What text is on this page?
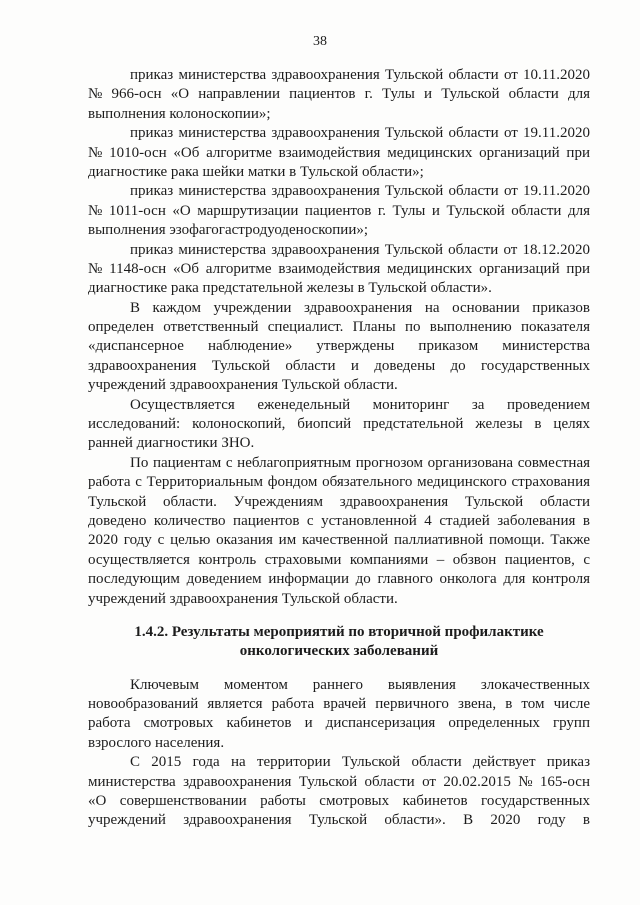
38
приказ министерства здравоохранения Тульской области от 10.11.2020
№ 966-осн «О направлении пациентов г. Тулы и Тульской области для
выполнения колоноскопии»;
приказ министерства здравоохранения Тульской области от 19.11.2020
№ 1010-осн «Об алгоритме взаимодействия медицинских организаций при
диагностике рака шейки матки в Тульской области»;
приказ министерства здравоохранения Тульской области от 19.11.2020
№ 1011-осн «О маршрутизации пациентов г. Тулы и Тульской области для
выполнения эзофагогастродуоденоскопии»;
приказ министерства здравоохранения Тульской области от 18.12.2020
№ 1148-осн «Об алгоритме взаимодействия медицинских организаций при
диагностике рака предстательной железы в Тульской области».
В каждом учреждении здравоохранения на основании приказов
определен ответственный специалист. Планы по выполнению показателя
«диспансерное наблюдение» утверждены приказом министерства
здравоохранения Тульской области и доведены до государственных
учреждений здравоохранения Тульской области.
Осуществляется еженедельный мониторинг за проведением
исследований: колоноскопий, биопсий предстательной железы в целях
ранней диагностики ЗНО.
По пациентам с неблагоприятным прогнозом организована совместная
работа с Территориальным фондом обязательного медицинского страхования
Тульской области. Учреждениям здравоохранения Тульской области
доведено количество пациентов с установленной 4 стадией заболевания в
2020 году с целью оказания им качественной паллиативной помощи. Также
осуществляется контроль страховыми компаниями – обзвон пациентов, с
последующим доведением информации до главного онколога для контроля
учреждений здравоохранения Тульской области.
1.4.2. Результаты мероприятий по вторичной профилактике
онкологических заболеваний
Ключевым моментом раннего выявления злокачественных
новообразований является работа врачей первичного звена, в том числе
работа смотровых кабинетов и диспансеризация определенных групп
взрослого населения.
С 2015 года на территории Тульской области действует приказ
министерства здравоохранения Тульской области от 20.02.2015 № 165-осн
«О совершенствовании работы смотровых кабинетов государственных
учреждений здравоохранения Тульской области». В 2020 году в
